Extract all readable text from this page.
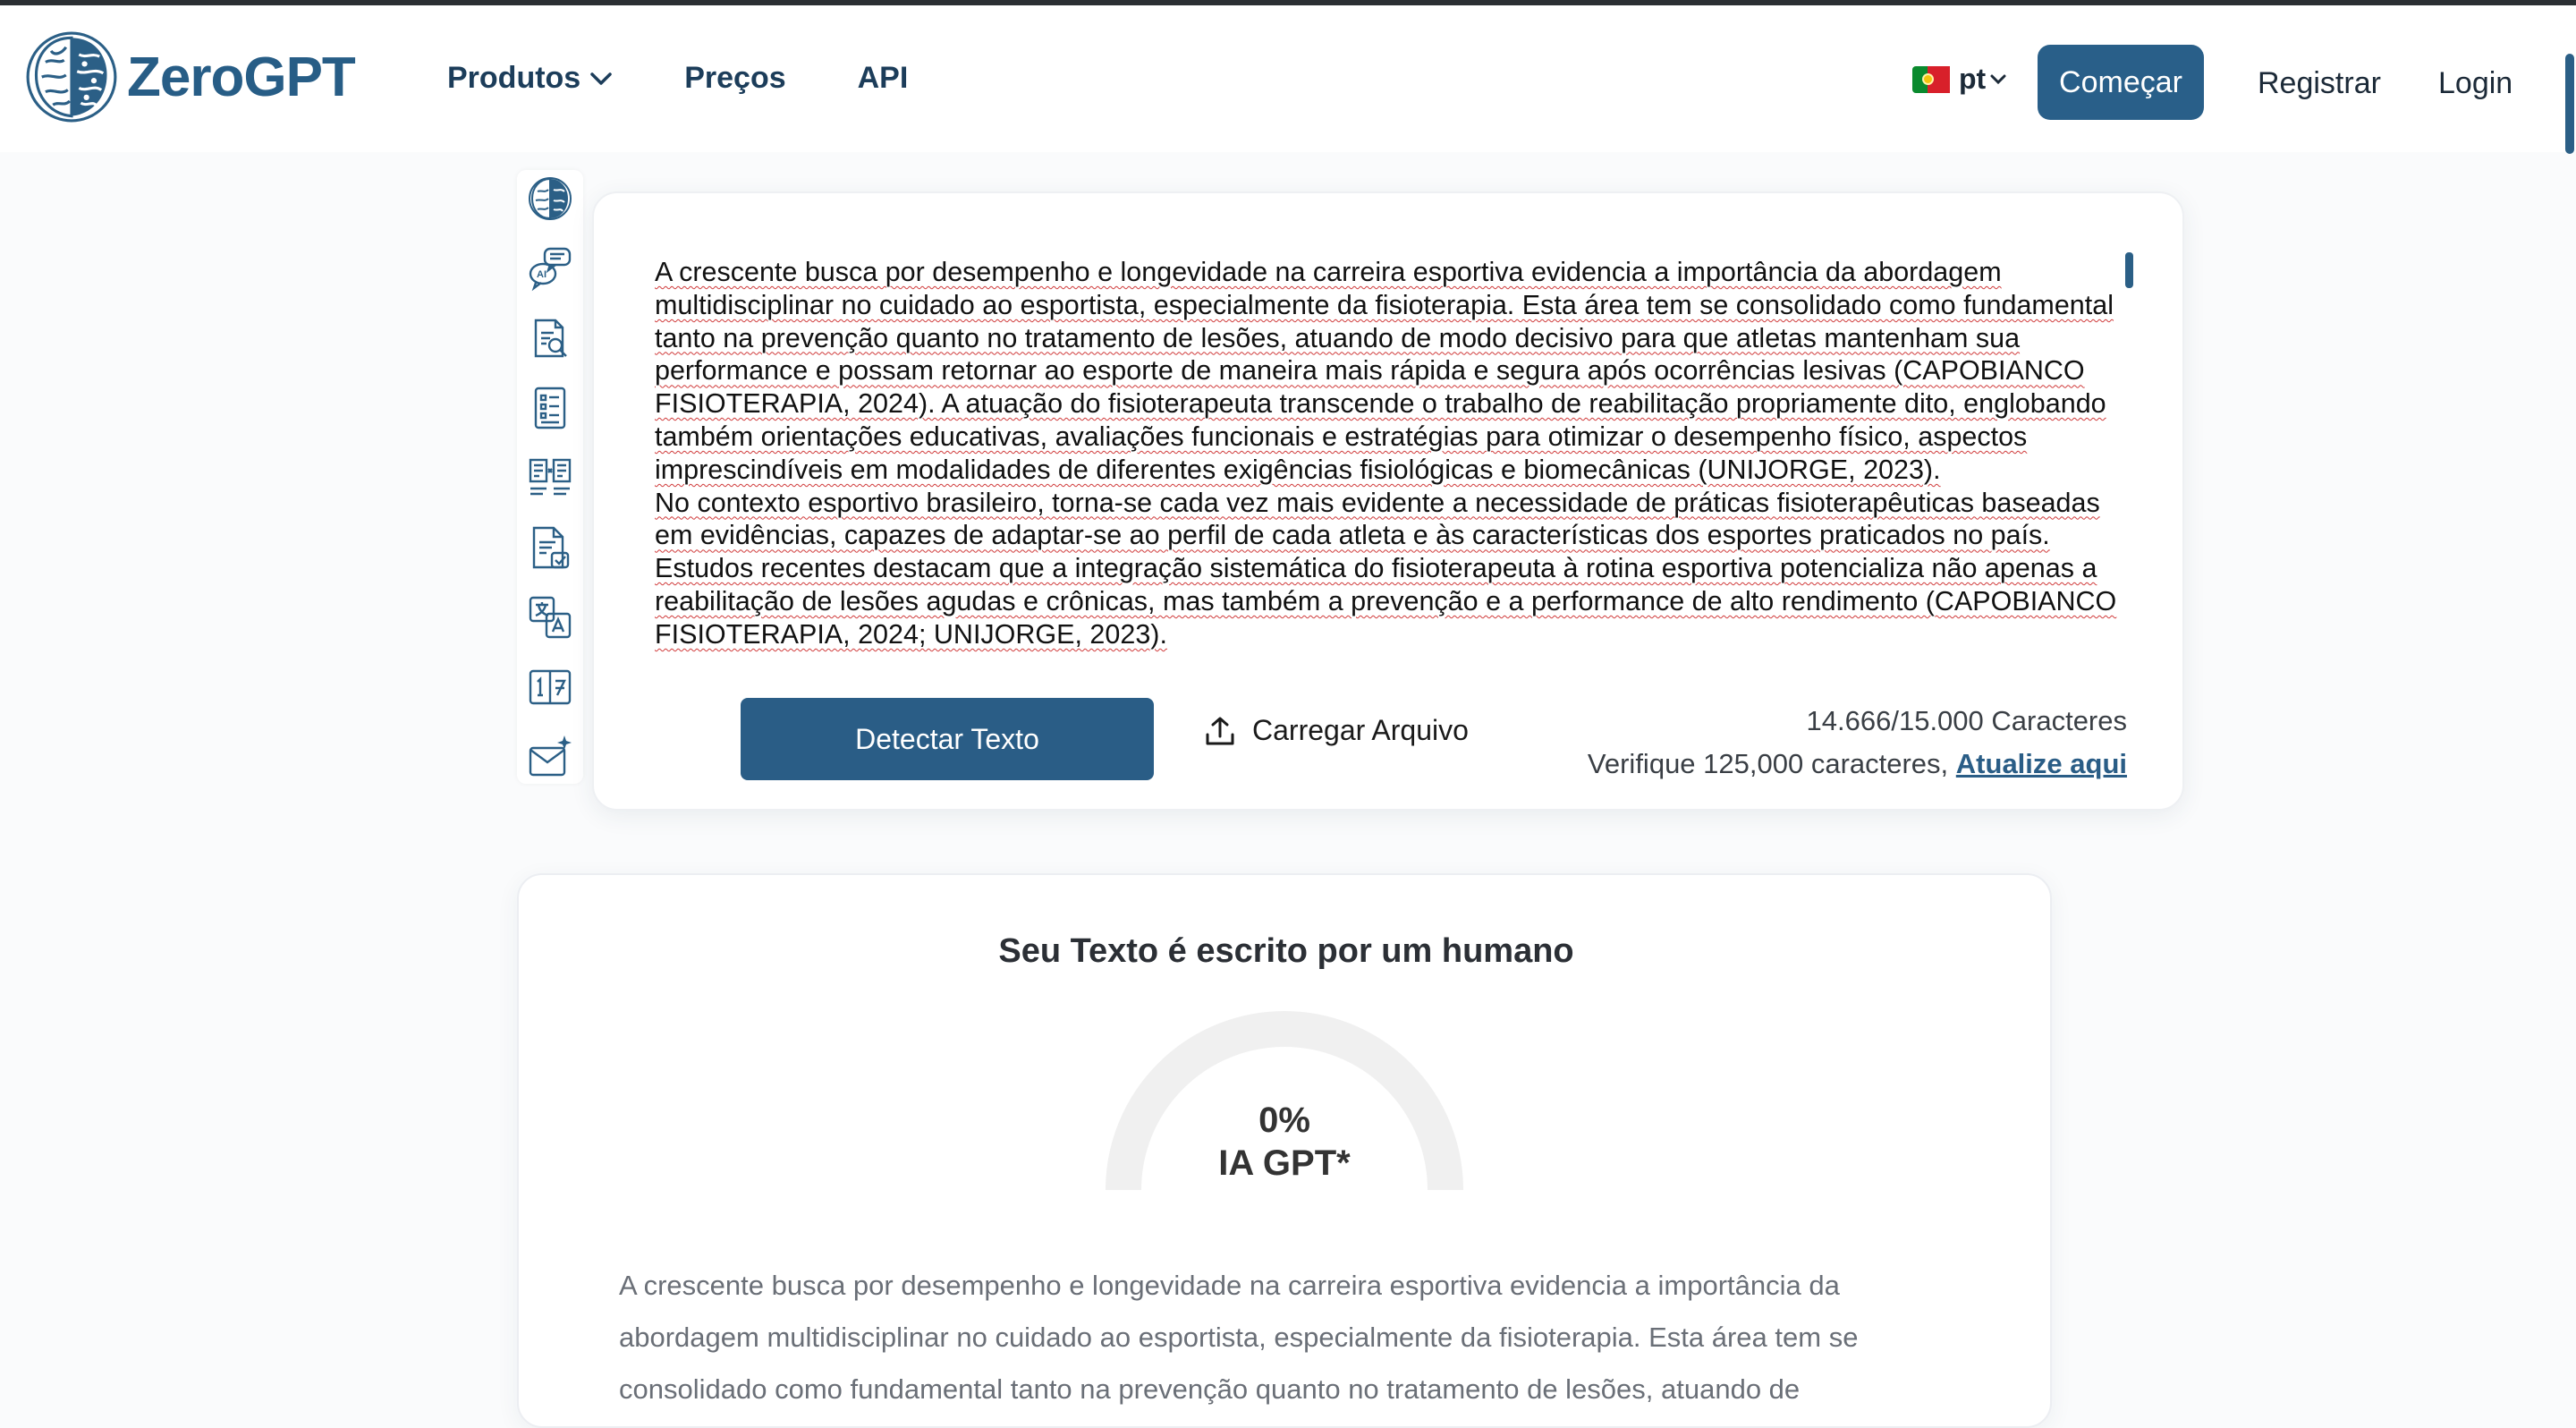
ZeroGPT	Produtos	Preços API	pt	Começar	Registrar Login
AI	A crescente busca por desempenho e longevidade na carreira esportiva evidencia a importância da abordagem multidisciplinar no cuidado ao esportista, especialmente da fisioterapia. Esta área tem se consolidado como fundamental tanto na prevenção quanto no tratamento de lesões, atuando de modo decisivo para que atletas mantenham sua performance e possam retornar ao esporte de maneira mais rápida e segura após ocorrências lesivas (CAPOBIANCO FISIOTERAPIA, 2024). A atuação do fisioterapeuta transcende o trabalho de reabilitação propriamente dito, englobando também orientações educativas, avaliações funcionais e estratégias para otimizar o desempenho físico, aspectos imprescindíveis em modalidades de diferentes exigências fisiológicas e biomecânicas (UNIJORGE, 2023).

No contexto esportivo brasileiro, torna-se cada vez mais evidente a necessidade de práticas fisioterapêuticas baseadas em evidências, capazes de adaptar-se ao perfil de cada atleta e às características dos esportes praticados no país. Estudos recentes destacam que a integração sistemática do fisioterapeuta à rotina esportiva potencializa não apenas a reabilitação de lesões agudas e crônicas, mas também a prevenção e a performance de alto rendimento (CAPOBIANCO FISIOTERAPIA, 2024; UNIJORGE, 2023).

Detectar Texto	Carregar Arquivo	14.666/15.000 Caracteres
Verifique 125,000 caracteres, Atualize aqui
Seu Texto é escrito por um humano
0%
IA GPT*
A crescente busca por desempenho e longevidade na carreira esportiva evidencia a importância da abordagem multidisciplinar no cuidado ao esportista, especialmente da fisioterapia. Esta área tem se consolidado como fundamental tanto na prevenção quanto no tratamento de lesões, atuando de
